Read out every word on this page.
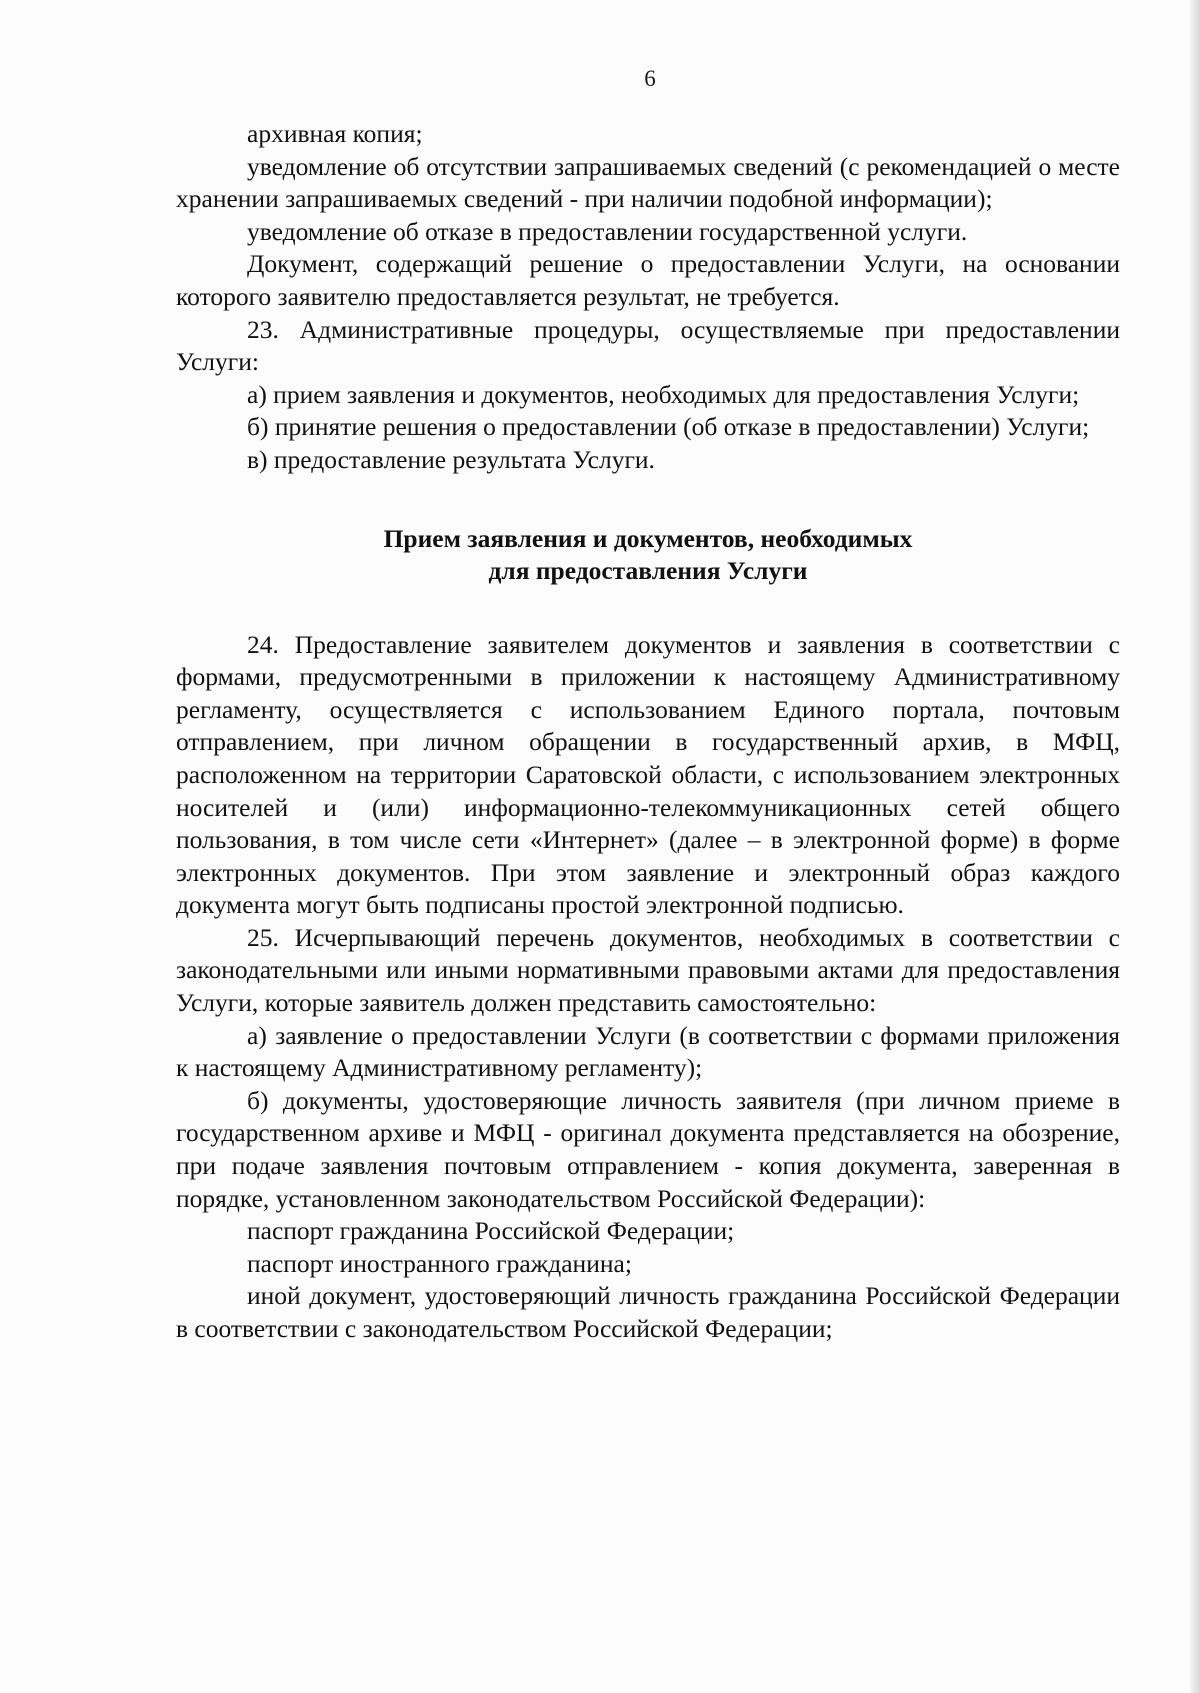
6

архивная копия;

уведомление об отсутствии запрашиваемых сведений (с рекомендацией о месте хранении запрашиваемых сведений - при наличии подобной информации);

уведомление об отказе в предоставлении государственной услуги.

Документ, содержащий решение о предоставлении Услуги, на основании которого заявителю предоставляется результат, не требуется.

23. Административные процедуры, осуществляемые при предоставлении Услуги:

а) прием заявления и документов, необходимых для предоставления Услуги;

б) принятие решения о предоставлении (об отказе в предоставлении) Услуги;

в) предоставление результата Услуги.

Прием заявления и документов, необходимых
для предоставления Услуги

24. Предоставление заявителем документов и заявления в соответствии с формами, предусмотренными в приложении к настоящему Административному регламенту, осуществляется с использованием Единого портала, почтовым отправлением, при личном обращении в государственный архив, в МФЦ, расположенном на территории Саратовской области, с использованием электронных носителей и (или) информационно-телекоммуникационных сетей общего пользования, в том числе сети «Интернет» (далее – в электронной форме) в форме электронных документов. При этом заявление и электронный образ каждого документа могут быть подписаны простой электронной подписью.

25. Исчерпывающий перечень документов, необходимых в соответствии с законодательными или иными нормативными правовыми актами для предоставления Услуги, которые заявитель должен представить самостоятельно:

а) заявление о предоставлении Услуги (в соответствии с формами приложения к настоящему Административному регламенту);

б) документы, удостоверяющие личность заявителя (при личном приеме в государственном архиве и МФЦ - оригинал документа представляется на обозрение, при подаче заявления почтовым отправлением - копия документа, заверенная в порядке, установленном законодательством Российской Федерации):

паспорт гражданина Российской Федерации;

паспорт иностранного гражданина;

иной документ, удостоверяющий личность гражданина Российской Федерации в соответствии с законодательством Российской Федерации;
